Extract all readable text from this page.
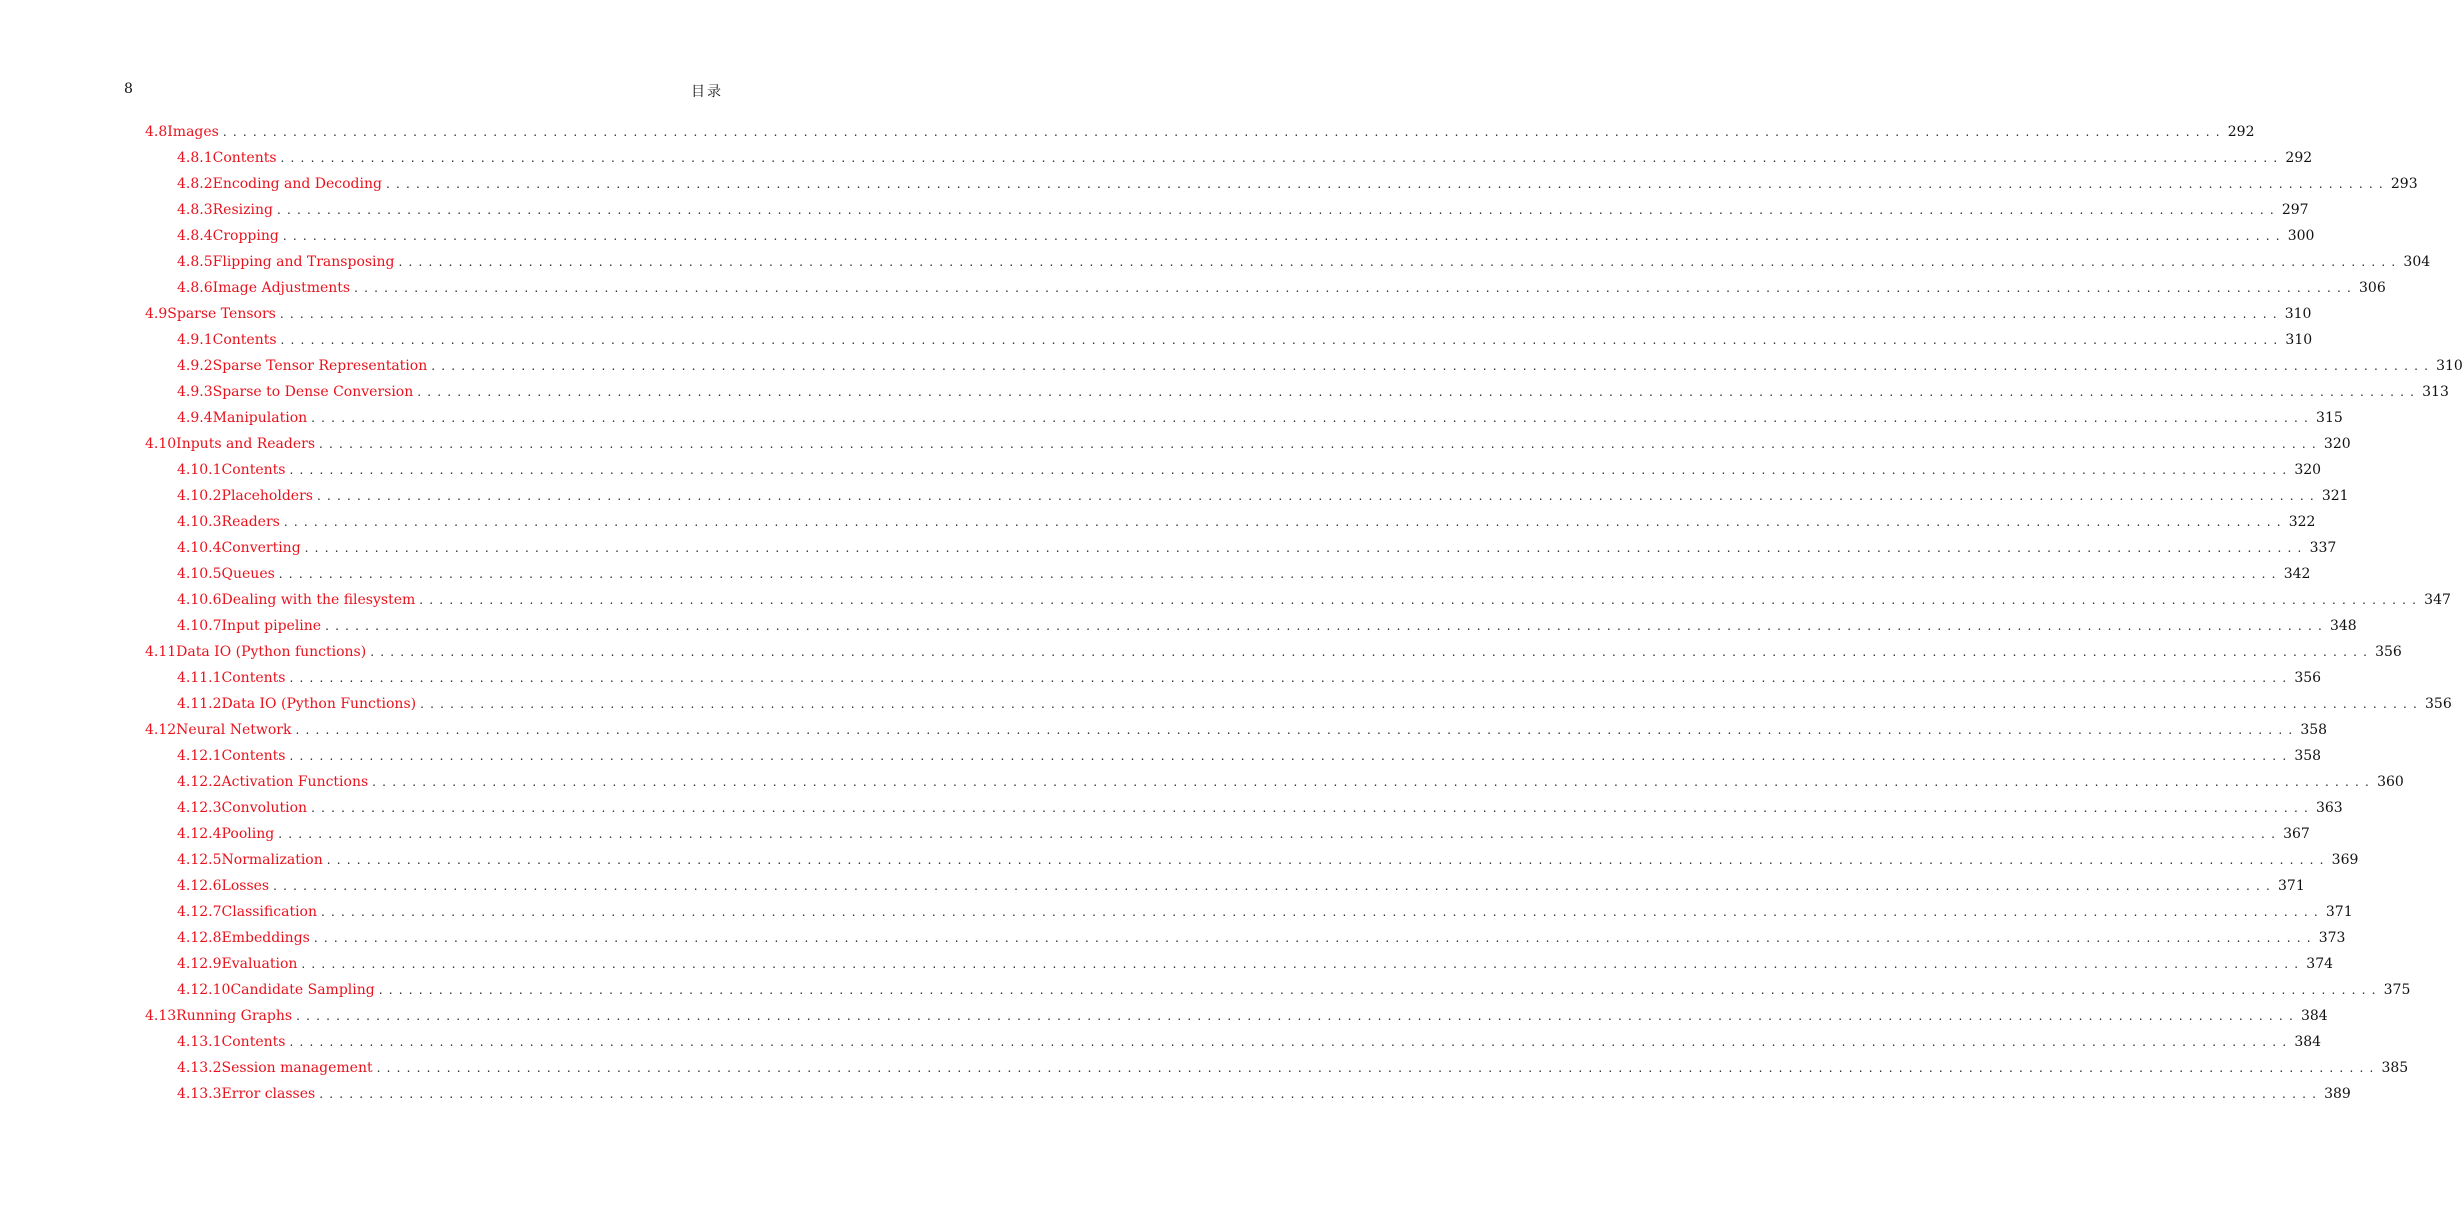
8	目录
4.8 Images ........................................................................................................................................................................................................ 292
4.8.1 Contents ........................................................................................................................................................................................................ 292
4.8.2 Encoding and Decoding ........................................................................................................................................................................................................ 293
4.8.3 Resizing ........................................................................................................................................................................................................ 297
4.8.4 Cropping ........................................................................................................................................................................................................ 300
4.8.5 Flipping and Transposing ........................................................................................................................................................................................................ 304
4.8.6 Image Adjustments ........................................................................................................................................................................................................ 306
4.9 Sparse Tensors ........................................................................................................................................................................................................ 310
4.9.1 Contents ........................................................................................................................................................................................................ 310
4.9.2 Sparse Tensor Representation ........................................................................................................................................................................................................ 310
4.9.3 Sparse to Dense Conversion ........................................................................................................................................................................................................ 313
4.9.4 Manipulation ........................................................................................................................................................................................................ 315
4.10 Inputs and Readers ........................................................................................................................................................................................................ 320
4.10.1 Contents ........................................................................................................................................................................................................ 320
4.10.2 Placeholders ........................................................................................................................................................................................................ 321
4.10.3 Readers ........................................................................................................................................................................................................ 322
4.10.4 Converting ........................................................................................................................................................................................................ 337
4.10.5 Queues ........................................................................................................................................................................................................ 342
4.10.6 Dealing with the filesystem ........................................................................................................................................................................................................ 347
4.10.7 Input pipeline ........................................................................................................................................................................................................ 348
4.11 Data IO (Python functions) ........................................................................................................................................................................................................ 356
4.11.1 Contents ........................................................................................................................................................................................................ 356
4.11.2 Data IO (Python Functions) ........................................................................................................................................................................................................ 356
4.12 Neural Network ........................................................................................................................................................................................................ 358
4.12.1 Contents ........................................................................................................................................................................................................ 358
4.12.2 Activation Functions ........................................................................................................................................................................................................ 360
4.12.3 Convolution ........................................................................................................................................................................................................ 363
4.12.4 Pooling ........................................................................................................................................................................................................ 367
4.12.5 Normalization ........................................................................................................................................................................................................ 369
4.12.6 Losses ........................................................................................................................................................................................................ 371
4.12.7 Classification ........................................................................................................................................................................................................ 371
4.12.8 Embeddings ........................................................................................................................................................................................................ 373
4.12.9 Evaluation ........................................................................................................................................................................................................ 374
4.12.10 Candidate Sampling ........................................................................................................................................................................................................ 375
4.13 Running Graphs ........................................................................................................................................................................................................ 384
4.13.1 Contents ........................................................................................................................................................................................................ 384
4.13.2 Session management ........................................................................................................................................................................................................ 385
4.13.3 Error classes ........................................................................................................................................................................................................ 389
